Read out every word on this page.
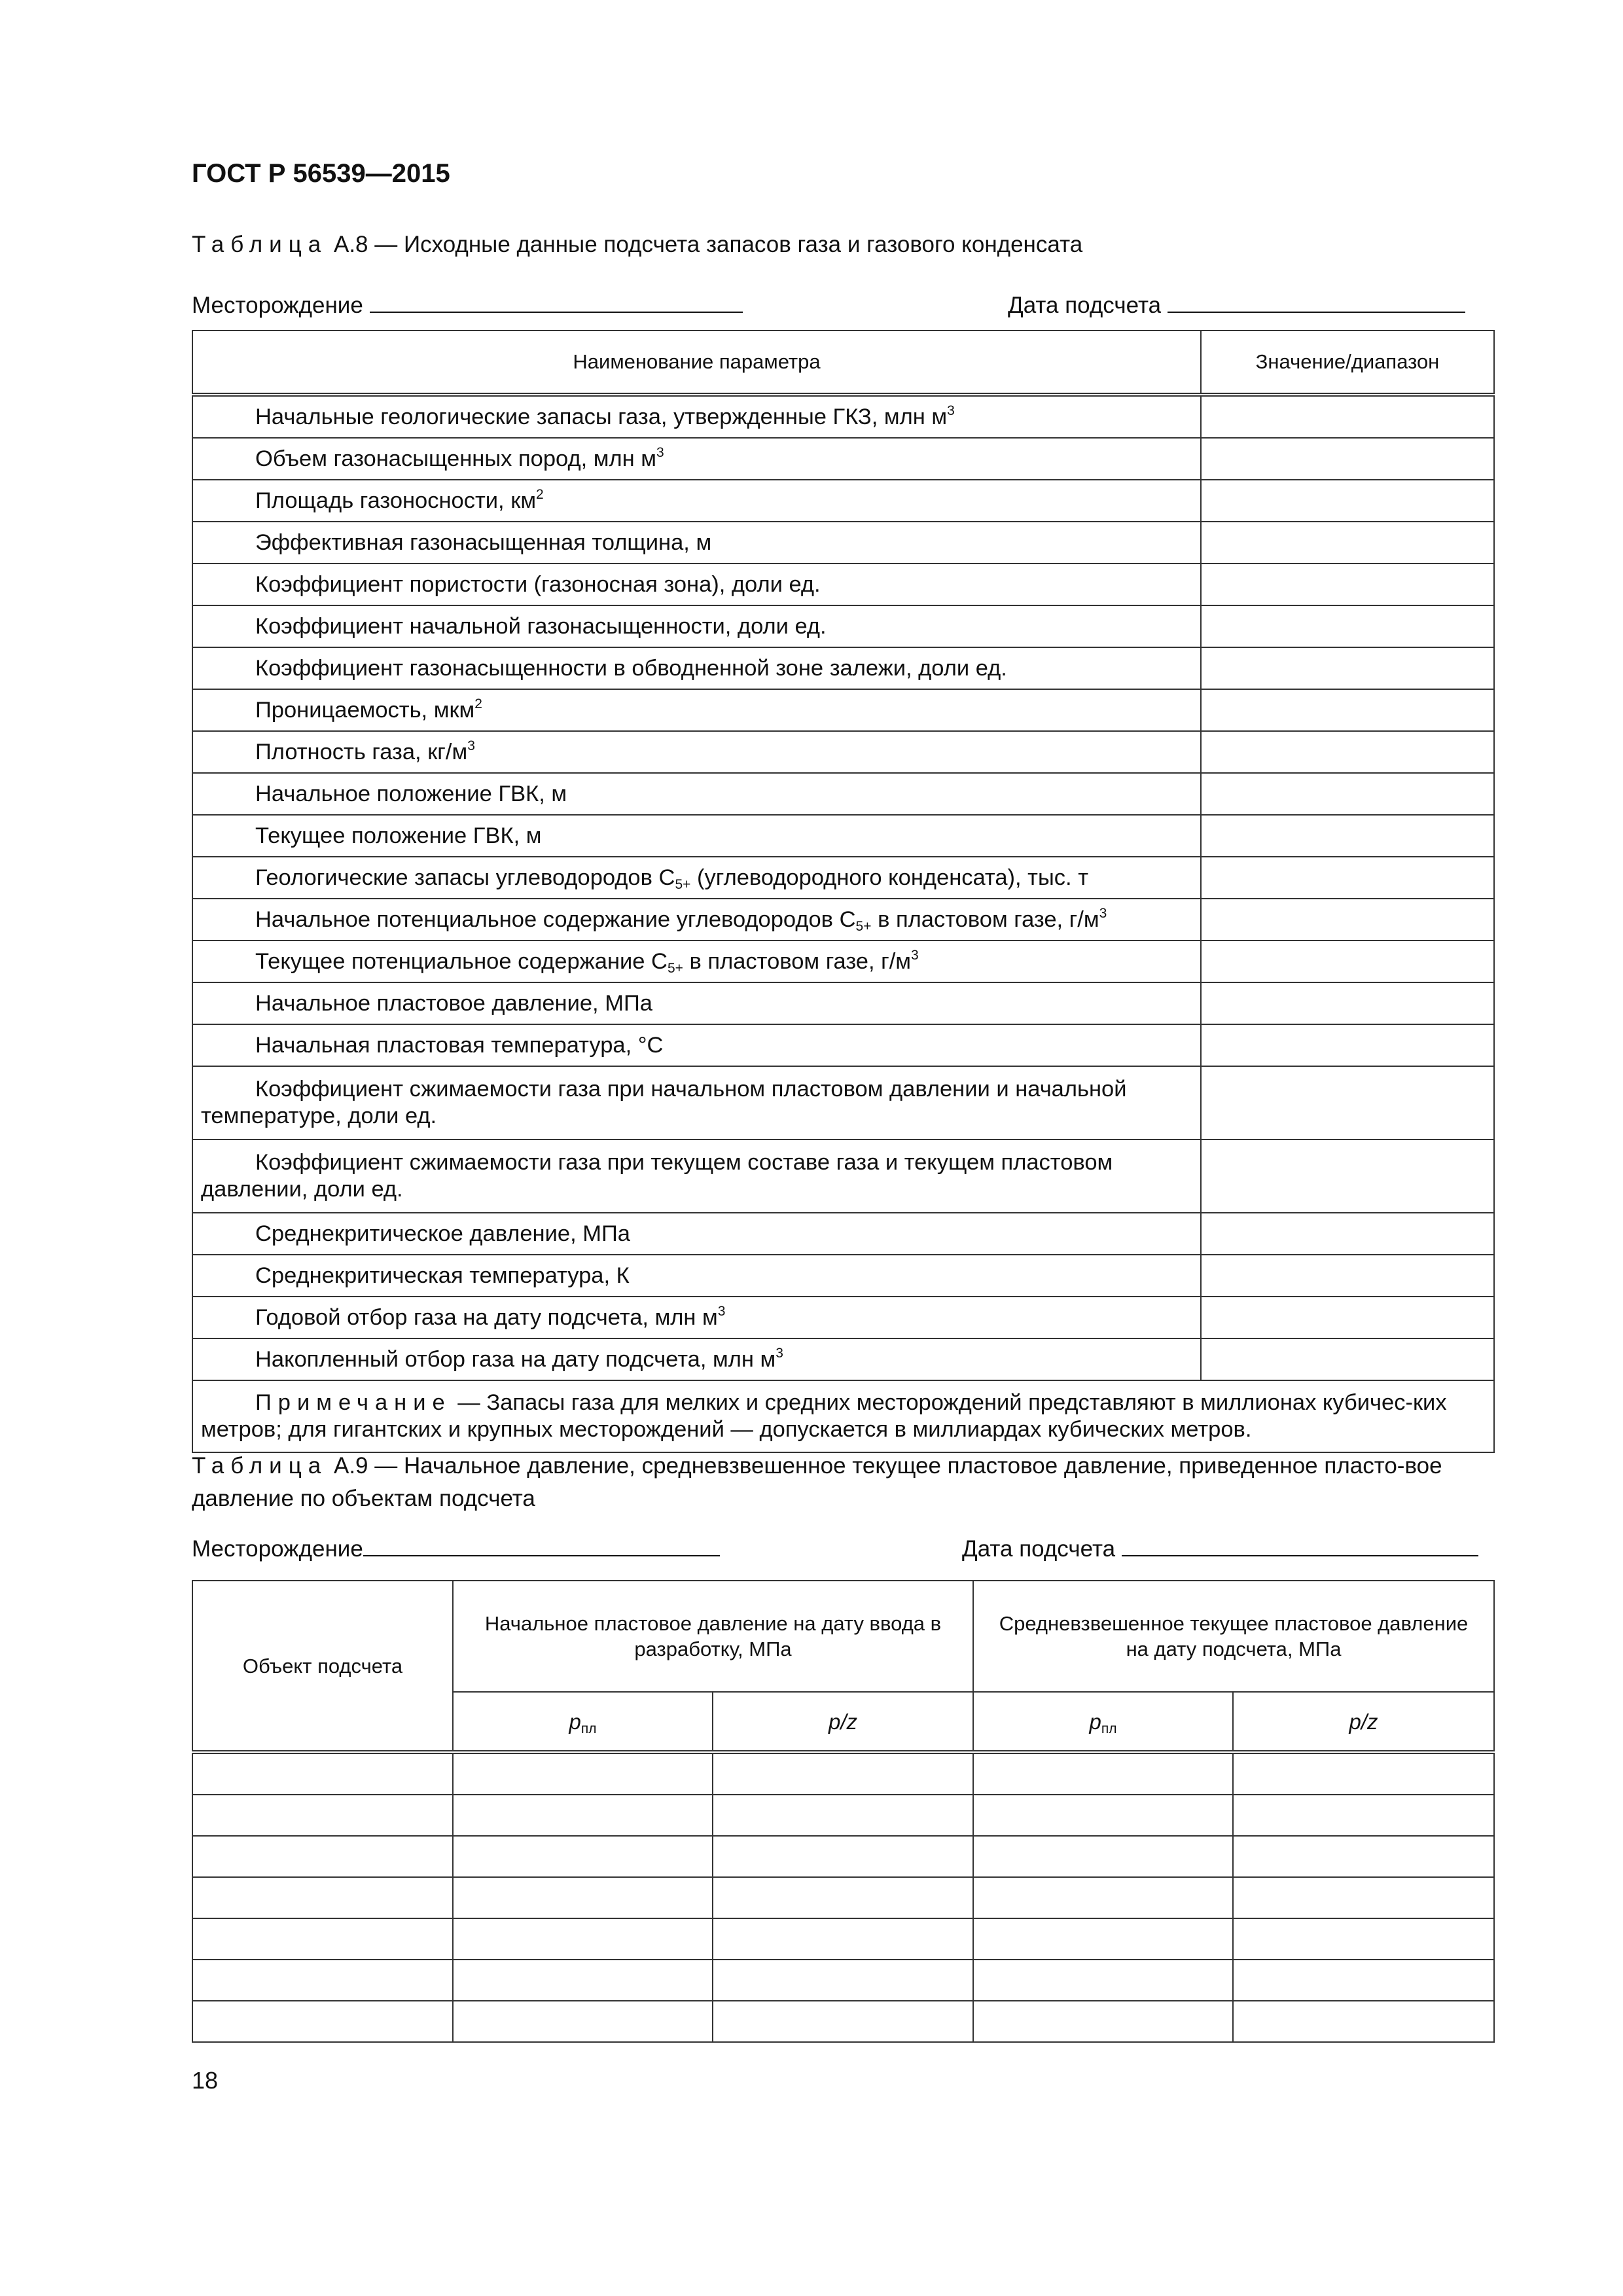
ГОСТ Р 56539—2015
Таблица А.8 — Исходные данные подсчета запасов газа и газового конденсата
Месторождение	Дата подсчета
Наименование параметра	Значение/диапазон
Начальные геологические запасы газа, утвержденные ГКЗ, млн $м^3$	
Объем газонасыщенных пород, млн $м^3$	
Площадь газоносности, $км^2$	
Эффективная газонасыщенная толщина, м	
Коэффициент пористости (газоносная зона), доли ед.	
Коэффициент начальной газонасыщенности, доли ед.	
Коэффициент газонасыщенности в обводненной зоне залежи, доли ед.	
Проницаемость, мкм$^2$	
Плотность газа, $кг/м^3$	
Начальное положение ГВК, м	
Текущее положение ГВК, м	
Геологические запасы углеводородов $С_{5+}$ (углеводородного конденсата), тыс. т	
Начальное потенциальное содержание углеводородов $С_{5+}$ в пластовом газе, $г/м^3$	
Текущее потенциальное содержание $С_{5+}$ в пластовом газе, $г/м^3$	
Начальное пластовое давление, МПа	
Начальная пластовая температура, °С	
Коэффициент сжимаемости газа при начальном пластовом давлении и начальной температуре, доли ед.	
Коэффициент сжимаемости газа при текущем составе газа и текущем пластовом давлении, доли ед.	
Среднекритическое давление, МПа	
Среднекритическая температура, К	
Годовой отбор газа на дату подсчета, млн $м^3$	
Накопленный отбор газа на дату подсчета, млн $м^3$	
Примечание — Запасы газа для мелких и средних месторождений представляют в миллионах кубичес-ких метров; для гигантских и крупных месторождений — допускается в миллиардах кубических метров.	
Таблица А.9 — Начальное давление, средневзвешенное текущее пластовое давление, приведенное пласто-вое давление по объектам подсчета
Месторождение	Дата подсчета
Объект подсчета	Начальное пластовое давление на дату ввода в разработку, МПа		Средневзвешенное текущее пластовое давление на дату подсчета, МПа	
	$p_{пл}$	p/z	$p_{пл}$	p/z

18
